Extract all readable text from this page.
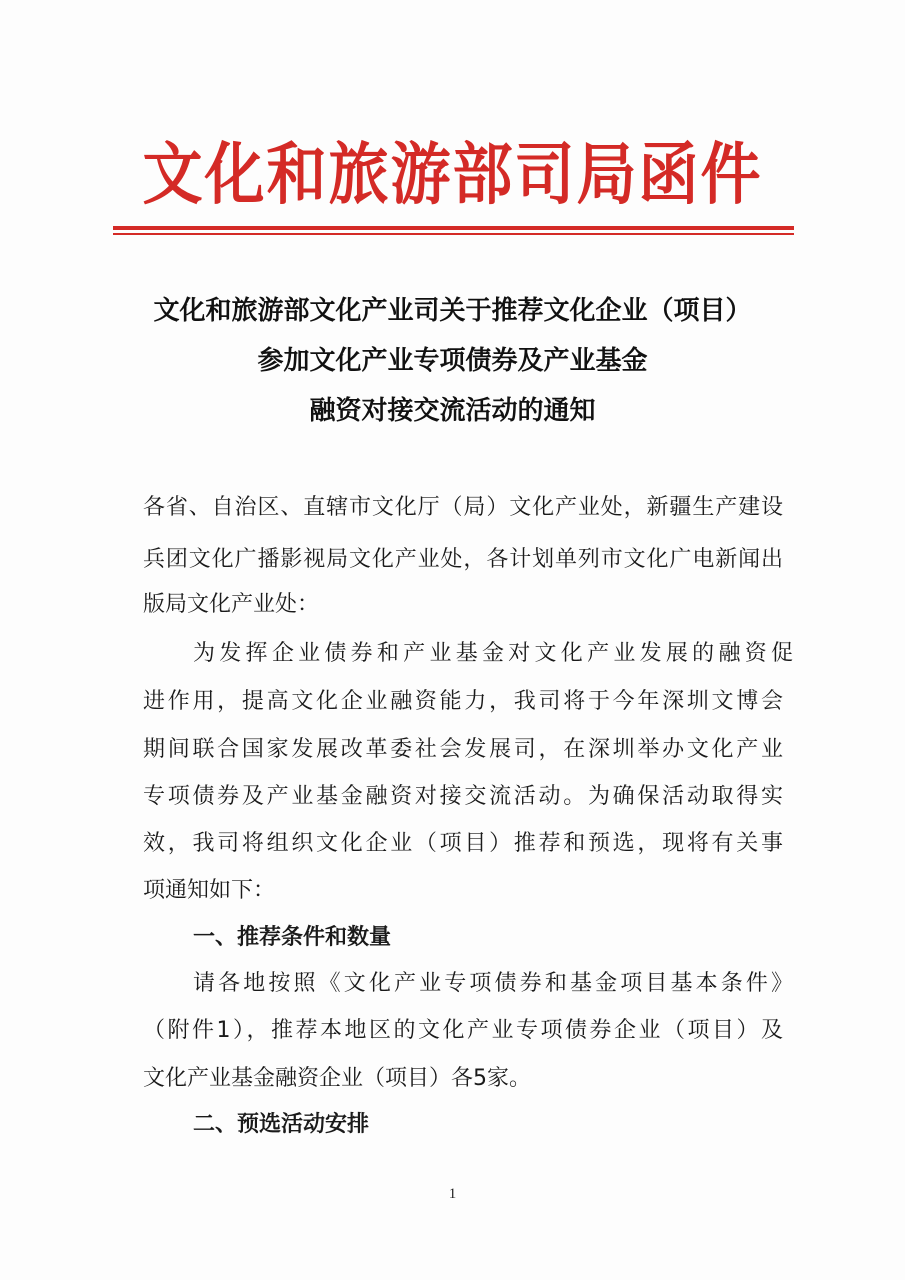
文化和旅游部司局函件
文化和旅游部文化产业司关于推荐文化企业（项目）
参加文化产业专项债券及产业基金
融资对接交流活动的通知
各省、自治区、直辖市文化厅（局）文化产业处，新疆生产建设
兵团文化广播影视局文化产业处，各计划单列市文化广电新闻出
版局文化产业处：
为发挥企业债券和产业基金对文化产业发展的融资促
进作用，提高文化企业融资能力，我司将于今年深圳文博会
期间联合国家发展改革委社会发展司，在深圳举办文化产业
专项债券及产业基金融资对接交流活动。为确保活动取得实
效，我司将组织文化企业（项目）推荐和预选，现将有关事
项通知如下：
一、推荐条件和数量
请各地按照《文化产业专项债券和基金项目基本条件》
（附件1），推荐本地区的文化产业专项债券企业（项目）及
文化产业基金融资企业（项目）各5家。
二、预选活动安排
1
